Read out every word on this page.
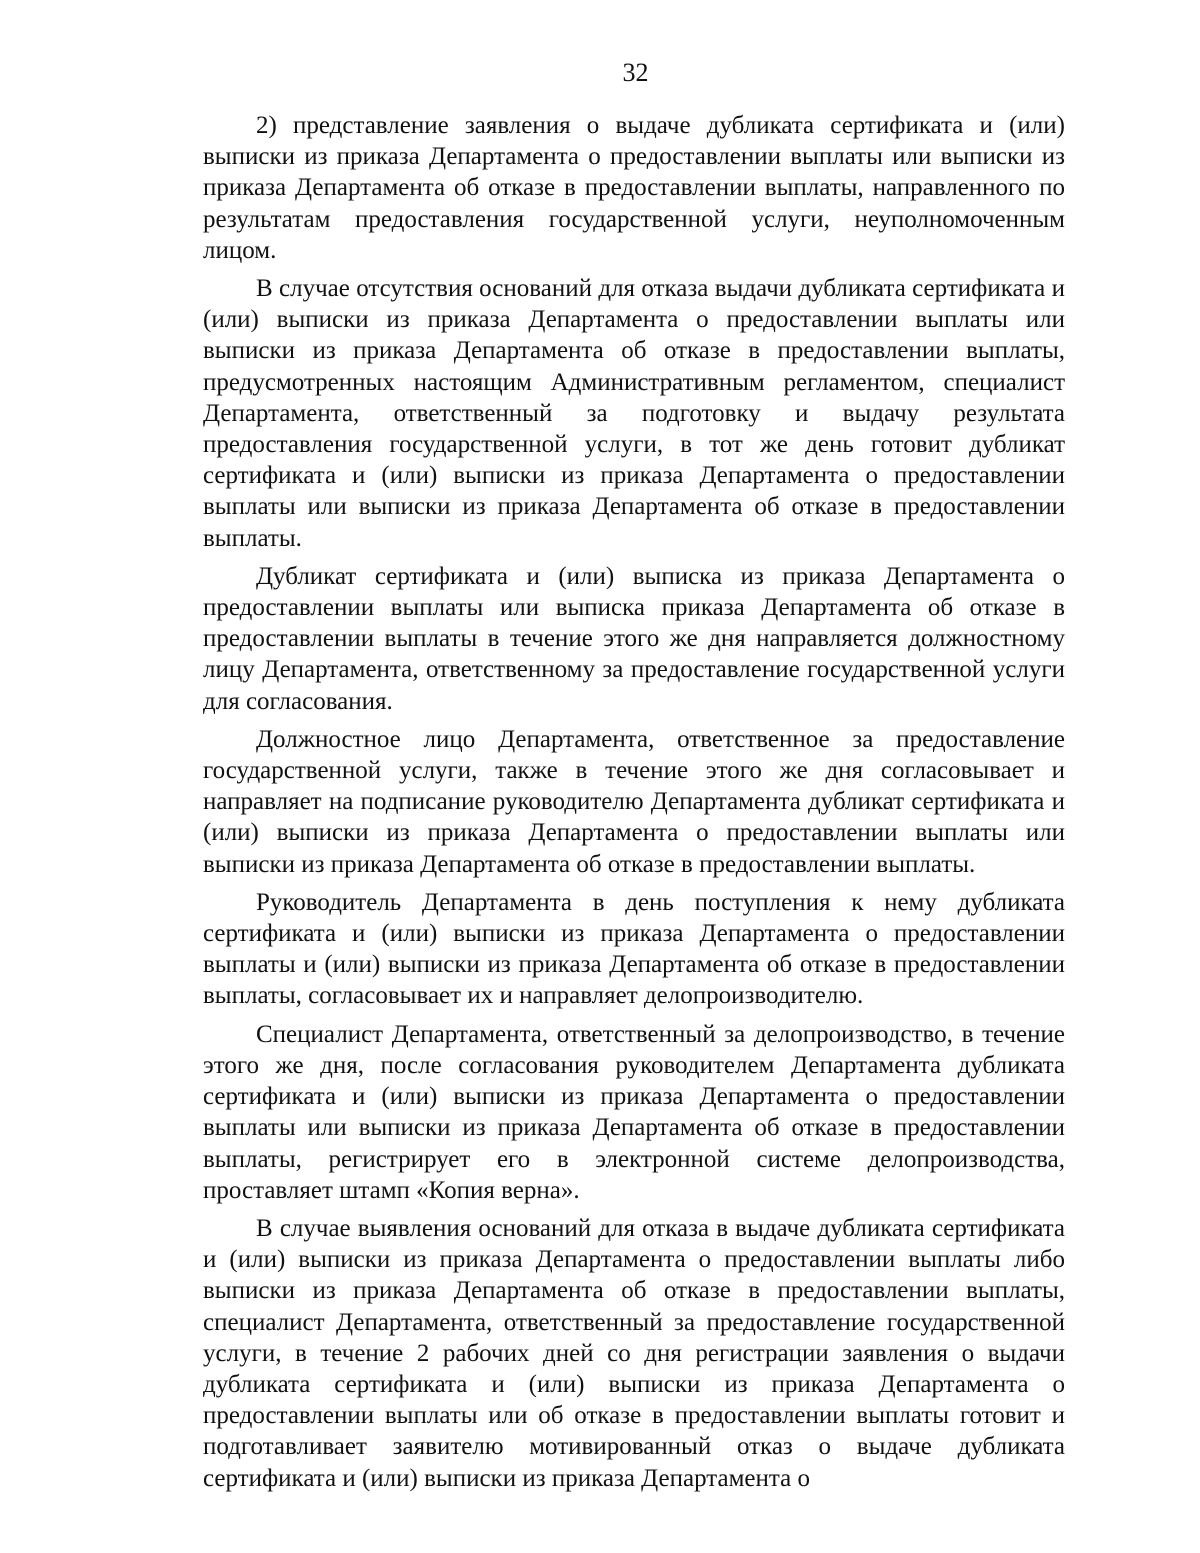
32

2) представление заявления о выдаче дубликата сертификата и (или) выписки из приказа Департамента о предоставлении выплаты или выписки из приказа Департамента об отказе в предоставлении выплаты, направленного по результатам предоставления государственной услуги, неуполномоченным лицом.

В случае отсутствия оснований для отказа выдачи дубликата сертификата и (или) выписки из приказа Департамента о предоставлении выплаты или выписки из приказа Департамента об отказе в предоставлении выплаты, предусмотренных настоящим Административным регламентом, специалист Департамента, ответственный за подготовку и выдачу результата предоставления государственной услуги, в тот же день готовит дубликат сертификата и (или) выписки из приказа Департамента о предоставлении выплаты или выписки из приказа Департамента об отказе в предоставлении выплаты.

Дубликат сертификата и (или) выписка из приказа Департамента о предоставлении выплаты или выписка приказа Департамента об отказе в предоставлении выплаты в течение этого же дня направляется должностному лицу Департамента, ответственному за предоставление государственной услуги для согласования.

Должностное лицо Департамента, ответственное за предоставление государственной услуги, также в течение этого же дня согласовывает и направляет на подписание руководителю Департамента дубликат сертификата и (или) выписки из приказа Департамента о предоставлении выплаты или выписки из приказа Департамента об отказе в предоставлении выплаты.

Руководитель Департамента в день поступления к нему дубликата сертификата и (или) выписки из приказа Департамента о предоставлении выплаты и (или) выписки из приказа Департамента об отказе в предоставлении выплаты, согласовывает их и направляет делопроизводителю.

Специалист Департамента, ответственный за делопроизводство, в течение этого же дня, после согласования руководителем Департамента дубликата сертификата и (или) выписки из приказа Департамента о предоставлении выплаты или выписки из приказа Департамента об отказе в предоставлении выплаты, регистрирует его в электронной системе делопроизводства, проставляет штамп «Копия верна».

В случае выявления оснований для отказа в выдаче дубликата сертификата и (или) выписки из приказа Департамента о предоставлении выплаты либо выписки из приказа Департамента об отказе в предоставлении выплаты, специалист Департамента, ответственный за предоставление государственной услуги, в течение 2 рабочих дней со дня регистрации заявления о выдачи дубликата сертификата и (или) выписки из приказа Департамента о предоставлении выплаты или об отказе в предоставлении выплаты готовит и подготавливает заявителю мотивированный отказ о выдаче дубликата сертификата и (или) выписки из приказа Департамента о
